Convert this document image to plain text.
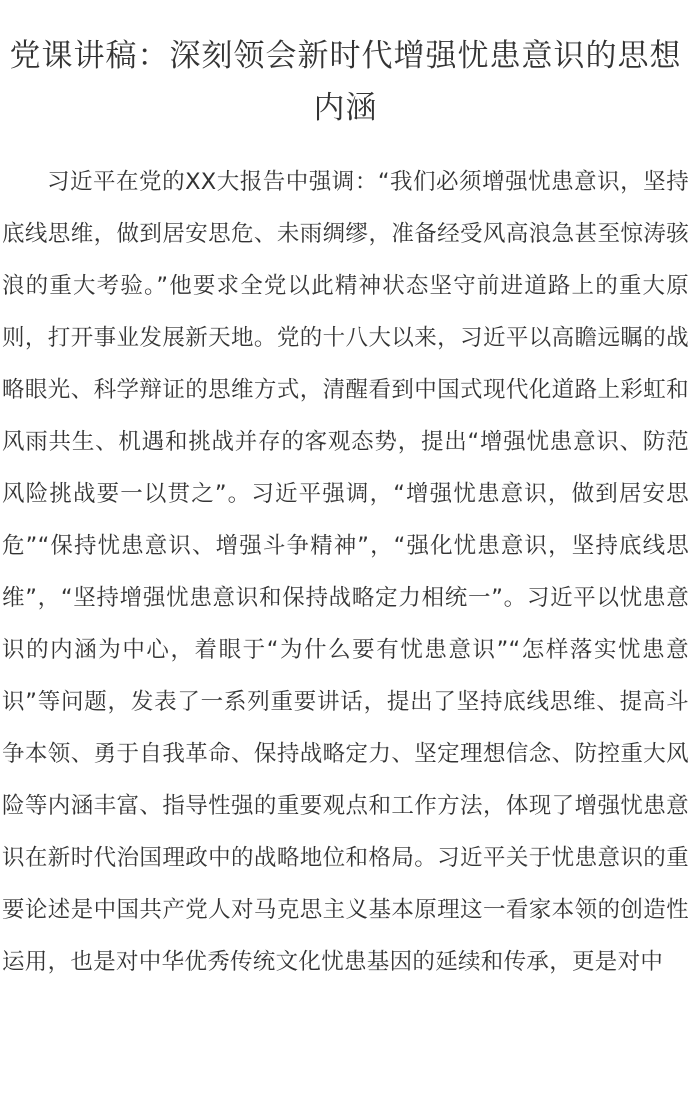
党课讲稿：深刻领会新时代增强忧患意识的思想内涵

习近平在党的XX大报告中强调：“我们必须增强忧患意识，坚持底线思维，做到居安思危、未雨绸缪，准备经受风高浪急甚至惊涛骇浪的重大考验。”他要求全党以此精神状态坚守前进道路上的重大原则，打开事业发展新天地。党的十八大以来，习近平以高瞻远瞩的战略眼光、科学辩证的思维方式，清醒看到中国式现代化道路上彩虹和风雨共生、机遇和挑战并存的客观态势，提出“增强忧患意识、防范风险挑战要一以贯之”。习近平强调，“增强忧患意识，做到居安思危”“保持忧患意识、增强斗争精神”，“强化忧患意识，坚持底线思维”，“坚持增强忧患意识和保持战略定力相统一”。习近平以忧患意识的内涵为中心，着眼于“为什么要有忧患意识”“怎样落实忧患意识”等问题，发表了一系列重要讲话，提出了坚持底线思维、提高斗争本领、勇于自我革命、保持战略定力、坚定理想信念、防控重大风险等内涵丰富、指导性强的重要观点和工作方法，体现了增强忧患意识在新时代治国理政中的战略地位和格局。习近平关于忧患意识的重要论述是中国共产党人对马克思主义基本原理这一看家本领的创造性运用，也是对中华优秀传统文化忧患基因的延续和传承，更是对中
